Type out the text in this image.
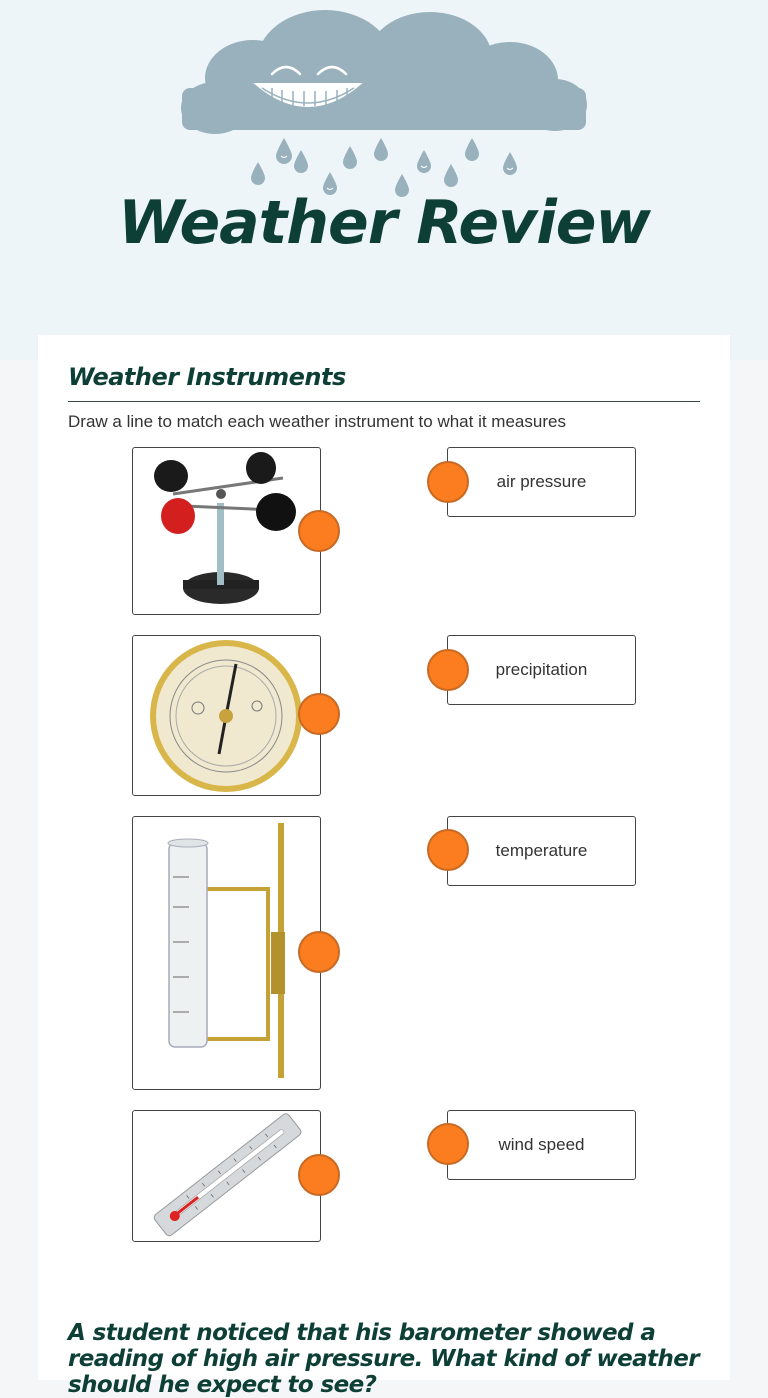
Weather Review
Weather Instruments
Draw a line to match each weather instrument to what it measures
air pressure
precipitation
temperature
wind speed

A student noticed that his barometer showed a reading of high air pressure. What kind of weather should he expect to see?
